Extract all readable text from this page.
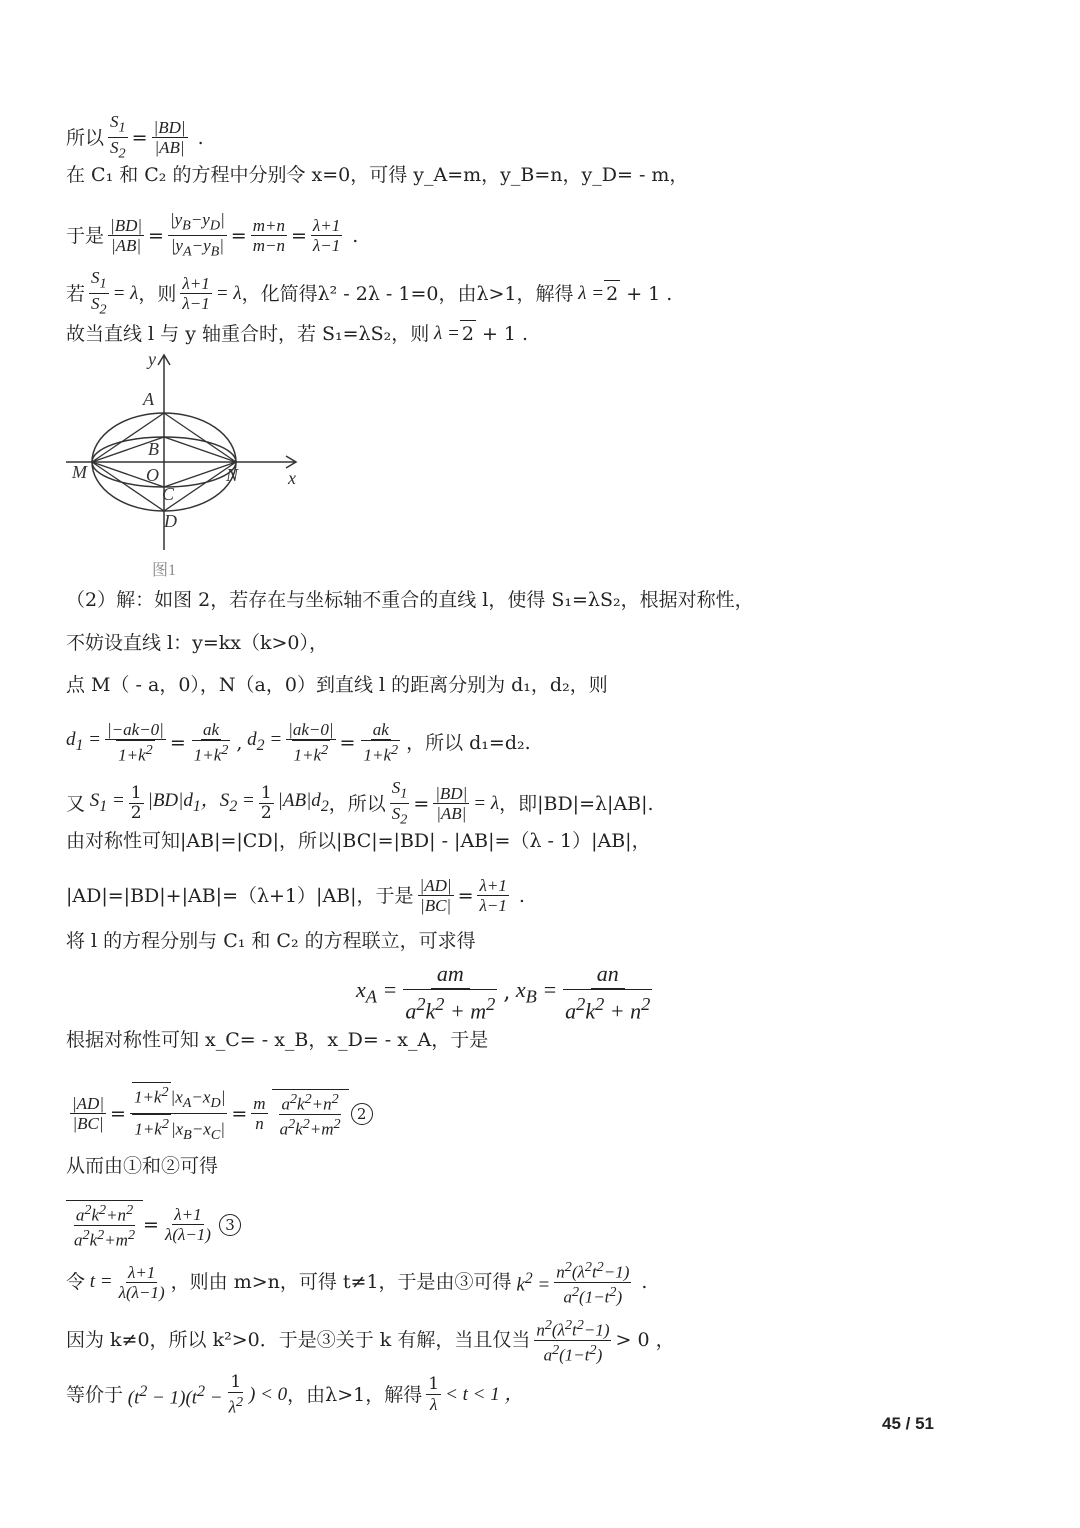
所以 $\frac{S_1}{S_2} = \frac{|BD|}{|AB|}$ .
在 C₁ 和 C₂ 的方程中分别令 x=0，可得 y_A=m，y_B=n，y_D= - m，
于是 $\frac{|BD|}{|AB|} = \frac{|y_B-y_D|}{|y_A-y_B|} = \frac{m+n}{m-n} = \frac{\lambda+1}{\lambda-1}$ .
若 $\frac{S_1}{S_2} = \lambda$ ，则 $\frac{\lambda+1}{\lambda-1} = \lambda$ ，化简得λ² - 2λ - 1=0，由λ>1，解得 λ = 2 + 1 .
故当直线 l 与 y 轴重合时，若 S₁=λS₂，则 λ = 2 + 1 .
y
x
A
B
O
C
D
M	N
图1
（2）解：如图 2，若存在与坐标轴不重合的直线 l，使得 S₁=λS₂，根据对称性，
不妨设直线 l：y=kx（k>0），
点 M（ - a，0），N（a，0）到直线 l 的距离分别为 d₁，d₂，则
$d_1 = \frac{|-ak-0|}{1+k^2} = \frac{ak}{1+k^2}$ , $d_2 = \frac{|ak-0|}{1+k^2} = \frac{ak}{1+k^2}$ ，所以 d₁=d₂.
又 $S_1 = \frac{1}{2} |BD|d_1$，$S_2 = \frac{1}{2} |AB|d_2$ ，所以 $\frac{S_1}{S_2} = \frac{|BD|}{|AB|} = \lambda$ ，即|BD|=λ|AB|.
由对称性可知|AB|=|CD|，所以|BC|=|BD| - |AB|=（λ - 1）|AB|，
|AD|=|BD|+|AB|=（λ+1）|AB|，于是 $\frac{|AD|}{|BC|} = \frac{\lambda+1}{\lambda-1}$ .
将 l 的方程分别与 C₁ 和 C₂ 的方程联立，可求得
$x_A = \frac{am}{a^2k^2 + m^2}$ , $x_B = \frac{an}{a^2k^2 + n^2}$
根据对称性可知 x_C= - x_B，x_D= - x_A，于是
$\frac{|AD|}{|BC|} = \frac{1+k^2 |x_A-x_D|}{1+k^2 |x_B-x_C|} = \frac{m}{n} \frac{a^2k^2+n^2}{a^2k^2+m^2} 2$
从而由①和②可得
$\frac{a^2k^2+n^2}{a^2k^2+m^2} = \frac{\lambda+1}{\lambda(\lambda-1)} 3$
令 $t = \frac{\lambda+1}{\lambda(\lambda-1)}$ ，则由 m>n，可得 t≠1，于是由③可得 $k^2 = \frac{n^2(\lambda^2t^2-1)}{a^2(1-t^2)}$ .
因为 k≠0，所以 k²>0．于是③关于 k 有解，当且仅当 $\frac{n^2(\lambda^2t^2-1)}{a^2(1-t^2)} > 0$ ，
等价于 $(t^2 - 1)(t^2 - \frac{1}{\lambda^2}$ ) < 0 ，由λ>1，解得 $\frac{1}{\lambda} < t < 1$ ，
45 / 51
